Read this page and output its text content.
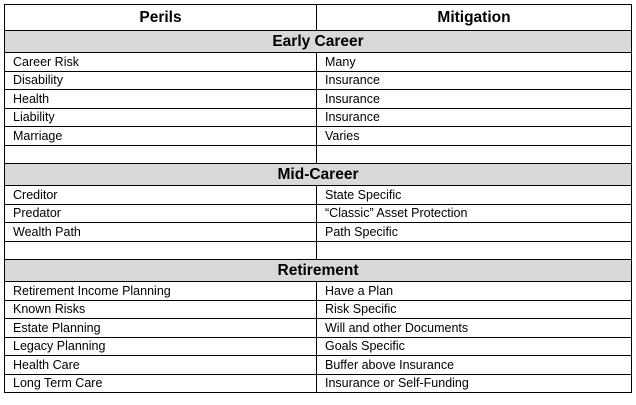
Perils	Mitigation
Early Career	
Career Risk	Many
Disability	Insurance
Health	Insurance
Liability	Insurance
Marriage	Varies

Mid-Career	
Creditor	State Specific
Predator	“Classic” Asset Protection
Wealth Path	Path Specific

Retirement	
Retirement Income Planning	Have a Plan
Known Risks	Risk Specific
Estate Planning	Will and other Documents
Legacy Planning	Goals Specific
Health Care	Buffer above Insurance
Long Term Care	Insurance or Self-Funding
